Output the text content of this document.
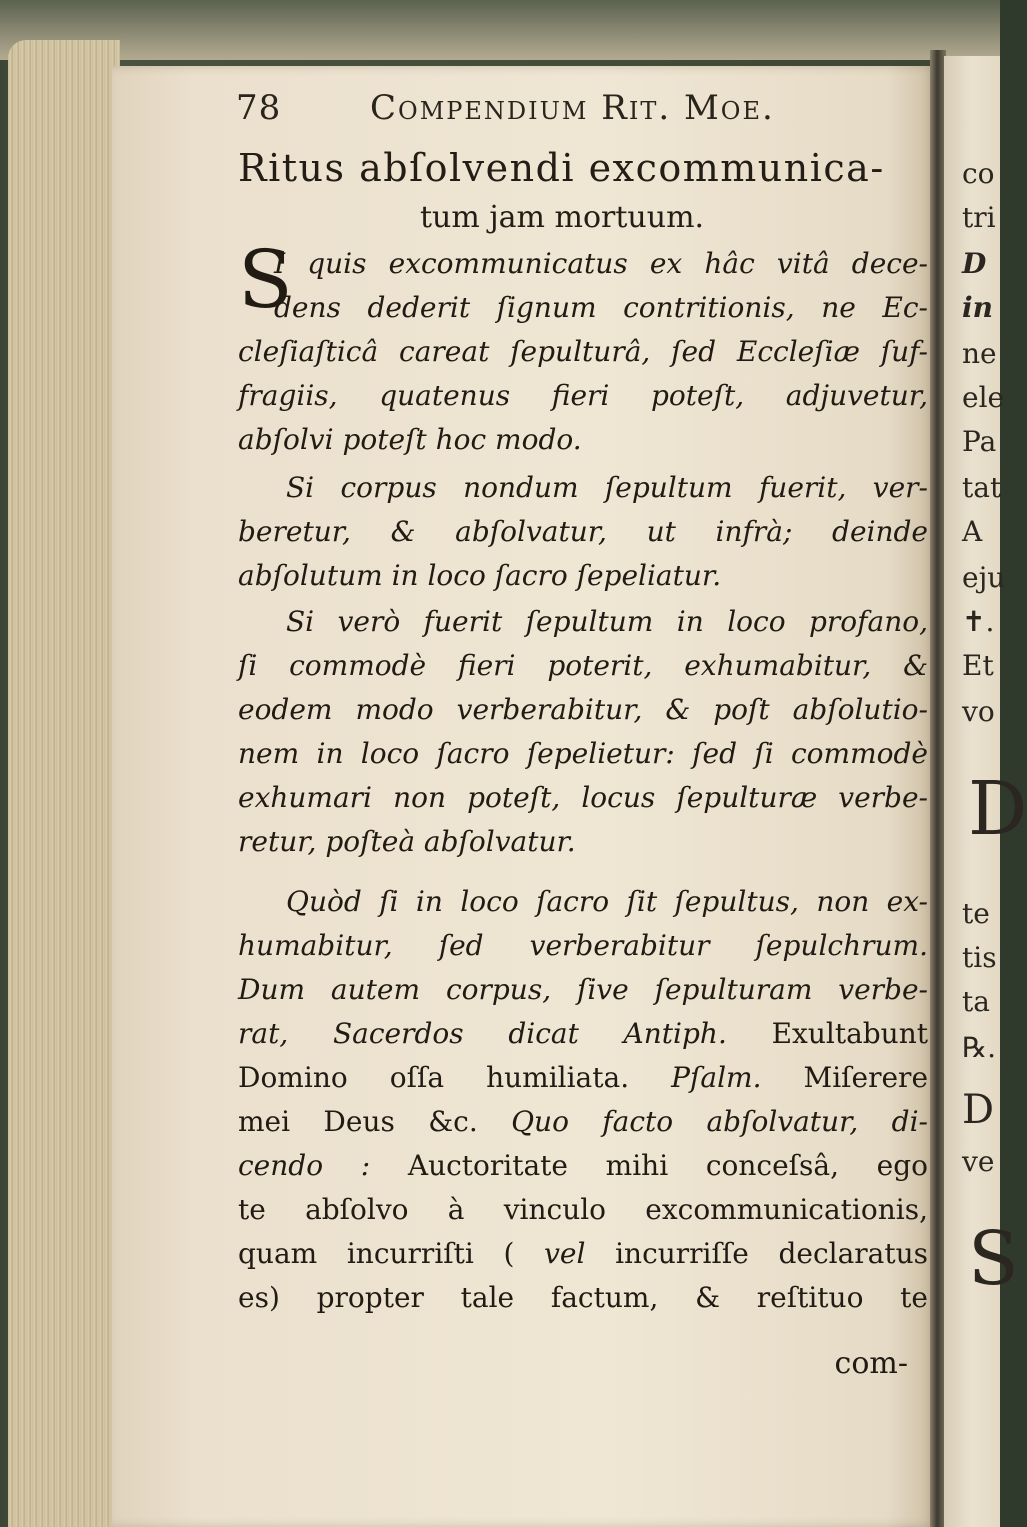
co
tri
D
in
ne
ele
Pa
tat
A
eju
✝.
Et
vo
D
te
tis
ta
℞.
D
ve
S
78	Compendium Rit. Moe.
Ritus abſolvendi excommunica-
tum jam mortuum.
S
I quis excommunicatus ex hâc vitâ dece-
dens dederit ſignum contritionis, ne Ec-
cleſiaſticâ careat ſepulturâ, ſed Eccleſiæ ſuf-
fragiis, quatenus fieri poteſt, adjuvetur,
abſolvi poteſt hoc modo.
Si corpus nondum ſepultum fuerit, ver-
beretur, & abſolvatur, ut infrà; deinde
abſolutum in loco ſacro ſepeliatur.
Si verò fuerit ſepultum in loco profano,
ſi commodè fieri poterit, exhumabitur, &
eodem modo verberabitur, & poſt abſolutio-
nem in loco ſacro ſepelietur: ſed ſi commodè
exhumari non poteſt, locus ſepulturæ verbe-
retur, poſteà abſolvatur.
Quòd ſi in loco ſacro ſit ſepultus, non ex-
humabitur, ſed verberabitur ſepulchrum.
Dum autem corpus, ſive ſepulturam verbe-
rat, Sacerdos dicat Antiph. Exultabunt
Domino oſſa humiliata. Pſalm. Miſerere
mei Deus &c. Quo facto abſolvatur, di-
cendo : Auctoritate mihi conceſsâ, ego
te abſolvo à vinculo excommunicationis,
quam incurriſti ( vel incurriſſe declaratus
es) propter tale factum, & reſtituo te
com-
